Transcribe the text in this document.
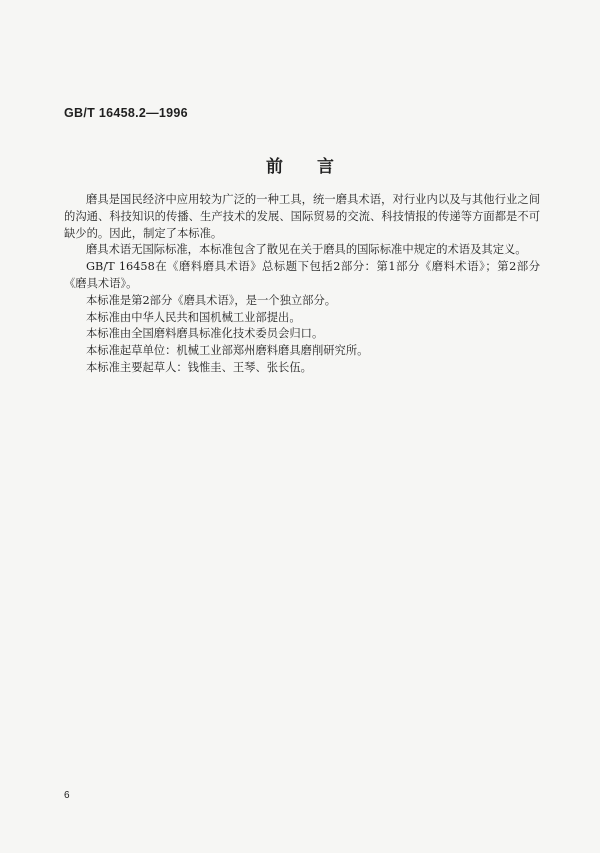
GB/T 16458.2—1996
前 言

磨具是国民经济中应用较为广泛的一种工具，统一磨具术语，对行业内以及与其他行业之间的沟通、科技知识的传播、生产技术的发展、国际贸易的交流、科技情报的传递等方面都是不可缺少的。因此，制定了本标准。

磨具术语无国际标准，本标准包含了散见在关于磨具的国际标准中规定的术语及其定义。

GB/T 16458在《磨料磨具术语》总标题下包括2部分：第1部分《磨料术语》；第2部分《磨具术语》。

本标准是第2部分《磨具术语》，是一个独立部分。

本标准由中华人民共和国机械工业部提出。

本标准由全国磨料磨具标准化技术委员会归口。

本标准起草单位：机械工业部郑州磨料磨具磨削研究所。

本标准主要起草人：钱惟圭、王琴、张长伍。

6
